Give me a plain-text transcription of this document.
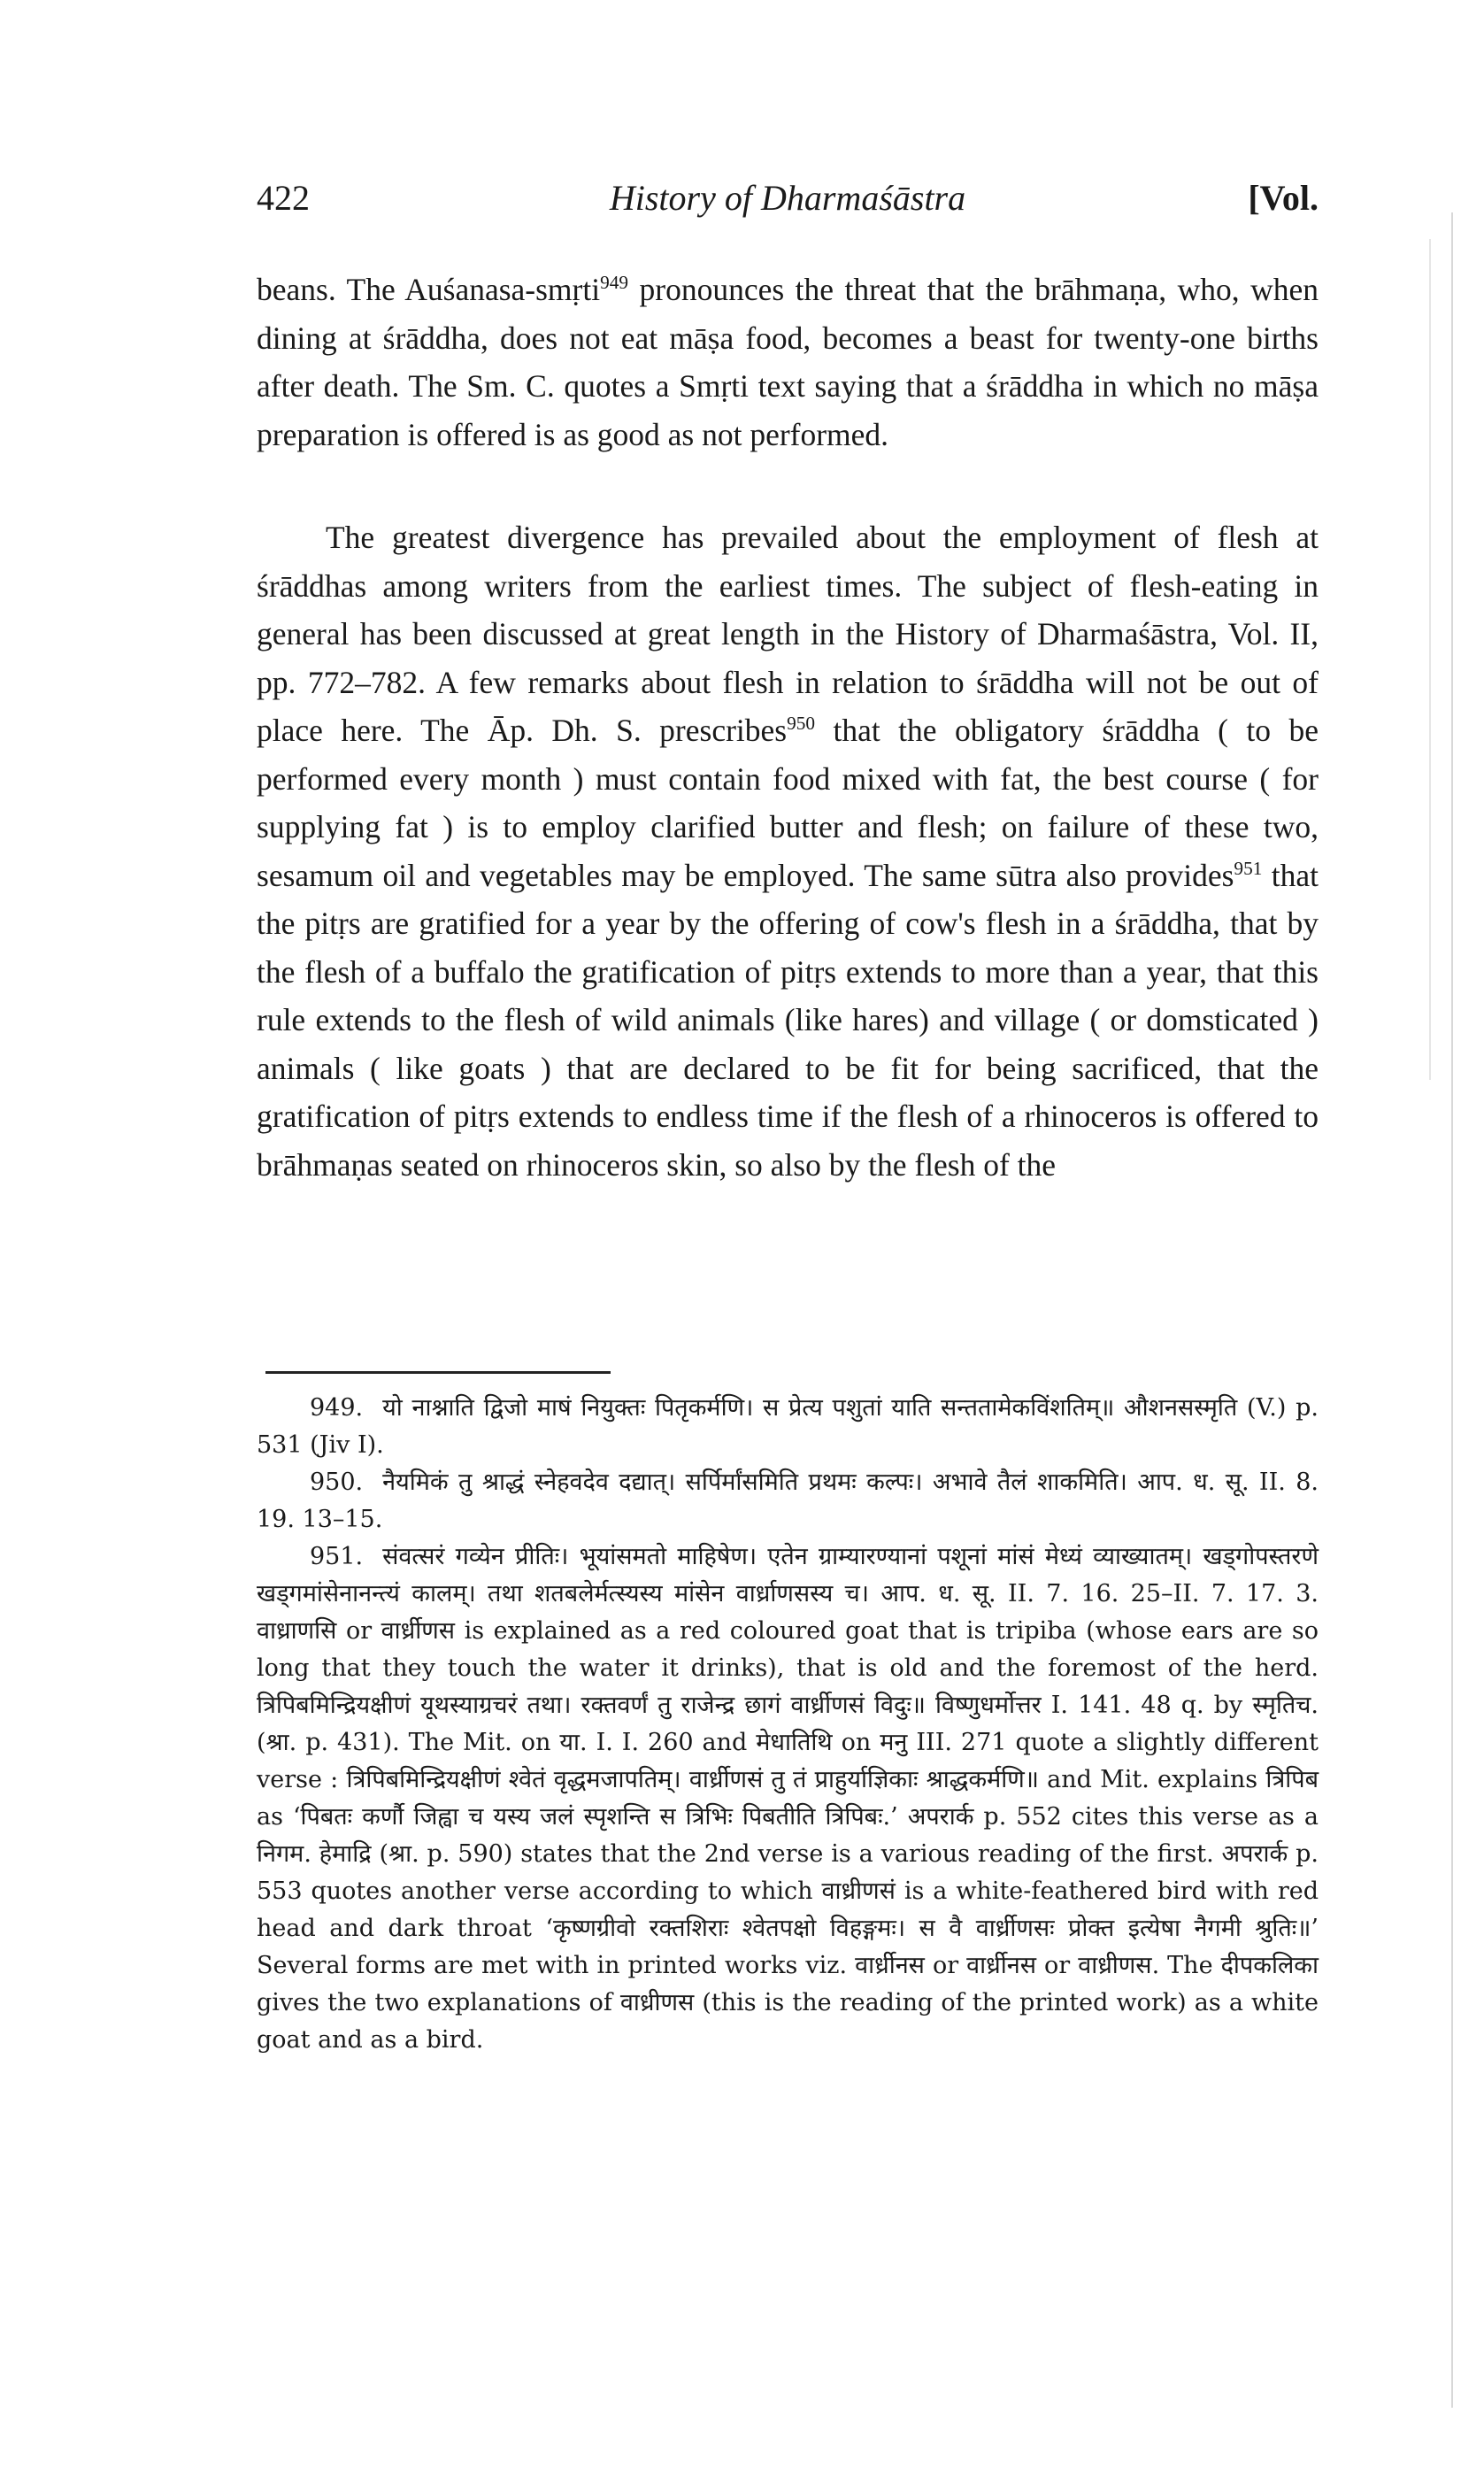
422	History of Dharmaśāstra	[Vol.
beans. The Auśanasa-smṛti$^{949}$ pronounces the threat that the brāhmaṇa, who, when dining at śrāddha, does not eat māṣa food, becomes a beast for twenty-one births after death. The Sm. C. quotes a Smṛti text saying that a śrāddha in which no māṣa preparation is offered is as good as not performed.
The greatest divergence has prevailed about the employment of flesh at śrāddhas among writers from the earliest times. The subject of flesh-eating in general has been discussed at great length in the History of Dharmaśāstra, Vol. II, pp. 772–782. A few remarks about flesh in relation to śrāddha will not be out of place here. The Āp. Dh. S. prescribes$^{950}$ that the obligatory śrāddha ( to be performed every month ) must contain food mixed with fat, the best course ( for supplying fat ) is to employ clarified butter and flesh; on failure of these two, sesamum oil and vegetables may be employed. The same sūtra also provides$^{951}$ that the pitṛs are gratified for a year by the offering of cow's flesh in a śrāddha, that by the flesh of a buffalo the gratification of pitṛs extends to more than a year, that this rule extends to the flesh of wild animals (like hares) and village ( or domsticated ) animals ( like goats ) that are declared to be fit for being sacrificed, that the gratification of pitṛs extends to endless time if the flesh of a rhinoceros is offered to brāhmaṇas seated on rhinoceros skin, so also by the flesh of the

949. यो नाश्नाति द्विजो माषं नियुक्तः पितृकर्मणि। स प्रेत्य पशुतां याति सन्ततामेकविंशतिम्॥ औशनसस्मृति (V.) p. 531 (Jiv I).

950. नैयमिकं तु श्राद्धं स्नेहवदेव दद्यात्। सर्पिर्मांसमिति प्रथमः कल्पः। अभावे तैलं शाकमिति। आप. ध. सू. II. 8. 19. 13–15.

951. संवत्सरं गव्येन प्रीतिः। भूयांसमतो माहिषेण। एतेन ग्राम्यारण्यानां पशूनां मांसं मेध्यं व्याख्यातम्। खड्गोपस्तरणे खड्गमांसेनानन्त्यं कालम्। तथा शतबलेर्मत्स्यस्य मांसेन वार्ध्राणसस्य च। आप. ध. सू. II. 7. 16. 25–II. 7. 17. 3. वाध्राणसि or वार्ध्रीणस is explained as a red coloured goat that is tripiba (whose ears are so long that they touch the water it drinks), that is old and the foremost of the herd. त्रिपिबमिन्द्रियक्षीणं यूथस्याग्रचरं तथा। रक्तवर्णं तु राजेन्द्र छागं वार्ध्रीणसं विदुः॥ विष्णुधर्मोत्तर I. 141. 48 q. by स्मृतिच. (श्रा. p. 431). The Mit. on या. I. I. 260 and मेधातिथि on मनु III. 271 quote a slightly different verse : त्रिपिबमिन्द्रियक्षीणं श्वेतं वृद्धमजापतिम्। वार्ध्रीणसं तु तं प्राहुर्याज्ञिकाः श्राद्धकर्मणि॥ and Mit. explains त्रिपिब as ‘पिबतः कर्णौ जिह्वा च यस्य जलं स्पृशन्ति स त्रिभिः पिबतीति त्रिपिबः.’ अपरार्क p. 552 cites this verse as a निगम. हेमाद्रि (श्रा. p. 590) states that the 2nd verse is a various reading of the first. अपरार्क p. 553 quotes another verse according to which वाध्रीणसं is a white-feathered bird with red head and dark throat ‘कृष्णग्रीवो रक्तशिराः श्वेतपक्षो विहङ्गमः। स वै वार्ध्रीणसः प्रोक्त इत्येषा नैगमी श्रुतिः॥’ Several forms are met with in printed works viz. वार्ध्रीनस or वार्ध्रीनस or वाध्रीणस. The दीपकलिका gives the two explanations of वाध्रीणस (this is the reading of the printed work) as a white goat and as a bird.
